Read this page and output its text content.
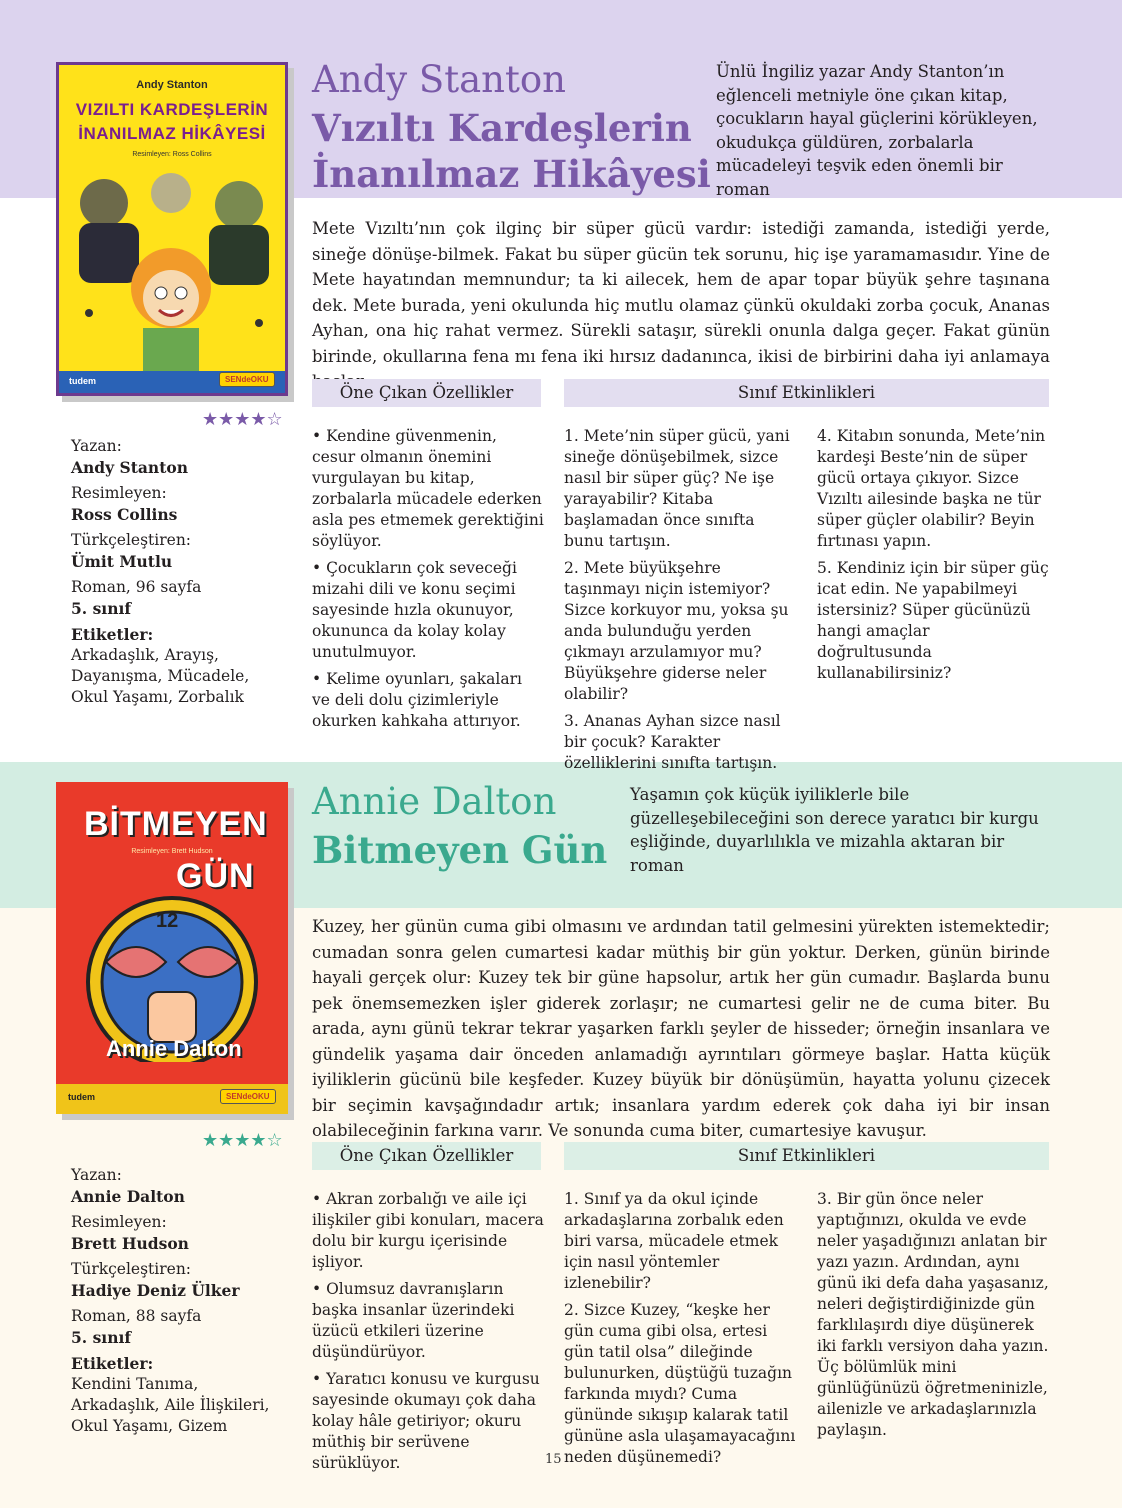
Andy Stanton
VIZILTI KARDEŞLERİN
İNANILMAZ HİKÂYESİ
Resimleyen: Ross Collins
tudem	SENdeOKU
Andy Stanton
Vızıltı Kardeşlerin
İnanılmaz Hikâyesi
Ünlü İngiliz yazar Andy Stanton’ın eğlenceli metniyle öne çıkan kitap, çocukların hayal güçlerini körükleyen, okudukça güldüren, zorbalarla mücadeleyi teşvik eden önemli bir roman
Mete Vızıltı’nın çok ilginç bir süper gücü vardır: istediği zamanda, istediği yerde, sineğe dönüşe-bilmek. Fakat bu süper gücün tek sorunu, hiç işe yaramamasıdır. Yine de Mete hayatından memnundur; ta ki ailecek, hem de apar topar büyük şehre taşınana dek. Mete burada, yeni okulunda hiç mutlu olamaz çünkü okuldaki zorba çocuk, Ananas Ayhan, ona hiç rahat vermez. Sürekli sataşır, sürekli onunla dalga geçer. Fakat günün birinde, okullarına fena mı fena iki hırsız dadanınca, ikisi de birbirini daha iyi anlamaya
★★★★☆
Yazan:
Andy Stanton
Resimleyen:
Ross Collins
Türkçeleştiren:
Ümit Mutlu
Roman, 96 sayfa
5. sınıf
Etiketler:
Arkadaşlık, Arayış, Dayanışma, Mücadele, Okul Yaşamı, Zorbalık
Öne Çıkan Özellikler	Sınıf Etkinlikleri

• Kendine güvenmenin, cesur olmanın önemini vurgulayan bu kitap, zorbalarla mücadele ederken asla pes etmemek gerektiğini söylüyor.

• Çocukların çok seveceği mizahi dili ve konu seçimi sayesinde hızla okunuyor, okununca da kolay kolay unutulmuyor.

• Kelime oyunları, şakaları ve deli dolu çizimleriyle okurken kahkaha attırıyor.

1. Mete’nin süper gücü, yani sineğe dönüşebilmek, sizce nasıl bir süper güç? Ne işe yarayabilir? Kitaba başlamadan önce sınıfta bunu tartışın.

2. Mete büyükşehre taşınmayı niçin istemiyor? Sizce korkuyor mu, yoksa şu anda bulunduğu yerden çıkmayı arzulamıyor mu? Büyükşehre giderse neler olabilir?

3. Ananas Ayhan sizce nasıl bir çocuk? Karakter özelliklerini sınıfta tartışın.

4. Kitabın sonunda, Mete’nin kardeşi Beste’nin de süper gücü ortaya çıkıyor. Sizce Vızıltı ailesinde başka ne tür süper güçler olabilir? Beyin fırtınası yapın.

5. Kendiniz için bir süper güç icat edin. Ne yapabilmeyi istersiniz? Süper gücünüzü hangi amaçlar doğrultusunda kullanabilirsiniz?

BİTMEYEN
Resimleyen: Brett Hudson
GÜN
12
Annie Dalton
tudem	SENdeOKU
Annie Dalton
Bitmeyen Gün
Yaşamın çok küçük iyiliklerle bile güzelleşebileceğini son derece yaratıcı bir kurgu eşliğinde, duyarlılıkla ve mizahla aktaran bir roman
Kuzey, her günün cuma gibi olmasını ve ardından tatil gelmesini yürekten istemektedir; cumadan sonra gelen cumartesi kadar müthiş bir gün yoktur. Derken, günün birinde hayali gerçek olur: Kuzey tek bir güne hapsolur, artık her gün cumadır. Başlarda bunu pek önemsemezken işler giderek zorlaşır; ne cumartesi gelir ne de cuma biter. Bu arada, aynı günü tekrar tekrar yaşarken farklı şeyler de hisseder; örneğin insanlara ve gündelik yaşama dair önceden anlamadığı ayrıntıları görmeye başlar. Hatta küçük iyiliklerin gücünü bile keşfeder. Kuzey büyük bir dönüşümün, hayatta yolunu çizecek bir seçimin kavşağındadır artık; insanlara yardım ederek çok daha iyi bir insan olabileceğinin farkına varır. Ve sonunda cuma biter, cumartesiye kavuşur.
★★★★☆
Yazan:
Annie Dalton
Resimleyen:
Brett Hudson
Türkçeleştiren:
Hadiye Deniz Ülker
Roman, 88 sayfa
5. sınıf
Etiketler:
Kendini Tanıma, Arkadaşlık, Aile İlişkileri, Okul Yaşamı, Gizem
Öne Çıkan Özellikler	Sınıf Etkinlikleri

• Akran zorbalığı ve aile içi ilişkiler gibi konuları, macera dolu bir kurgu içerisinde işliyor.

• Olumsuz davranışların başka insanlar üzerindeki üzücü etkileri üzerine düşündürüyor.

• Yaratıcı konusu ve kurgusu sayesinde okumayı çok daha kolay hâle getiriyor; okuru müthiş bir serüvene sürüklüyor.

1. Sınıf ya da okul içinde arkadaşlarına zorbalık eden biri varsa, mücadele etmek için nasıl yöntemler izlenebilir?

2. Sizce Kuzey, “keşke her gün cuma gibi olsa, ertesi gün tatil olsa” dileğinde bulunurken, düştüğü tuzağın farkında mıydı? Cuma gününde sıkışıp kalarak tatil gününe asla ulaşamayacağını neden düşünemedi?

3. Bir gün önce neler yaptığınızı, okulda ve evde neler yaşadığınızı anlatan bir yazı yazın. Ardından, aynı günü iki defa daha yaşasanız, neleri değiştirdiğinizde gün farklılaşırdı diye düşünerek iki farklı versiyon daha yazın. Üç bölümlük mini günlüğünüzü öğretmeninizle, ailenizle ve arkadaşlarınızla paylaşın.

15
